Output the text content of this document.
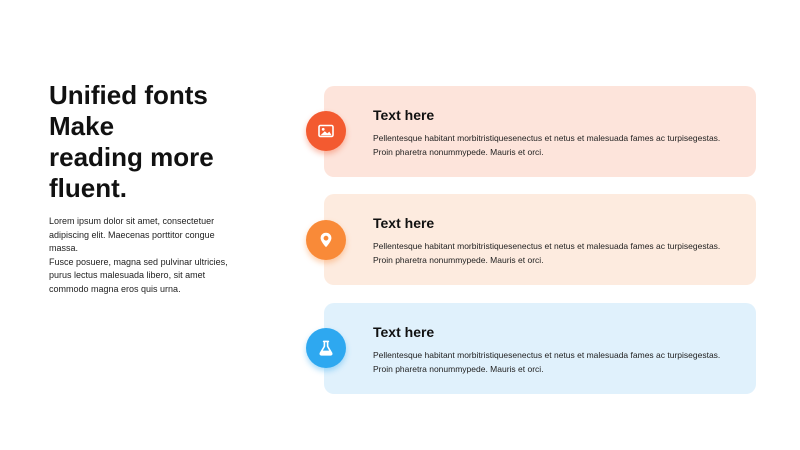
Unified fonts
Make
reading more
fluent.
Lorem ipsum dolor sit amet, consectetuer
adipiscing elit. Maecenas porttitor congue
massa.
Fusce posuere, magna sed pulvinar ultricies,
purus lectus malesuada libero, sit amet
commodo magna eros quis urna.
Text here
Pellentesque habitant morbitristiquesenectus et netus et malesuada fames ac turpisegestas.
Proin pharetra nonummypede. Mauris et orci.
Text here
Pellentesque habitant morbitristiquesenectus et netus et malesuada fames ac turpisegestas.
Proin pharetra nonummypede. Mauris et orci.
Text here
Pellentesque habitant morbitristiquesenectus et netus et malesuada fames ac turpisegestas.
Proin pharetra nonummypede. Mauris et orci.
